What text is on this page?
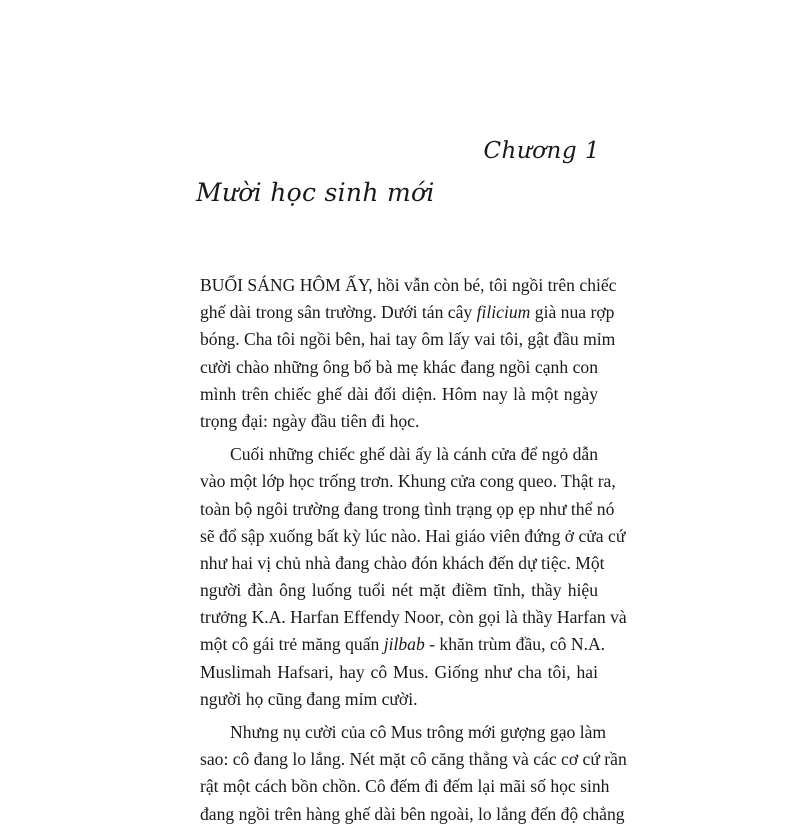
Chương 1
Mười học sinh mới
BUỔI SÁNG HÔM ẤY, hồi vẫn còn bé, tôi ngồi trên chiếc
ghế dài trong sân trường. Dưới tán cây filicium già nua rợp
bóng. Cha tôi ngồi bên, hai tay ôm lấy vai tôi, gật đầu mỉm
cười chào những ông bố bà mẹ khác đang ngồi cạnh con
mình trên chiếc ghế dài đối diện. Hôm nay là một ngày
trọng đại: ngày đầu tiên đi học.
Cuối những chiếc ghế dài ấy là cánh cửa để ngỏ dẫn
vào một lớp học trống trơn. Khung cửa cong queo. Thật ra,
toàn bộ ngôi trường đang trong tình trạng ọp ẹp như thể nó
sẽ đổ sập xuống bất kỳ lúc nào. Hai giáo viên đứng ở cửa cứ
như hai vị chủ nhà đang chào đón khách đến dự tiệc. Một
người đàn ông luống tuổi nét mặt điềm tĩnh, thầy hiệu
trưởng K.A. Harfan Effendy Noor, còn gọi là thầy Harfan và
một cô gái trẻ măng quấn jilbab - khăn trùm đầu, cô N.A.
Muslimah Hafsari, hay cô Mus. Giống như cha tôi, hai
người họ cũng đang mỉm cười.
Nhưng nụ cười của cô Mus trông mới gượng gạo làm
sao: cô đang lo lắng. Nét mặt cô căng thẳng và các cơ cứ rần
rật một cách bồn chồn. Cô đếm đi đếm lại mãi số học sinh
đang ngồi trên hàng ghế dài bên ngoài, lo lắng đến độ chẳng
